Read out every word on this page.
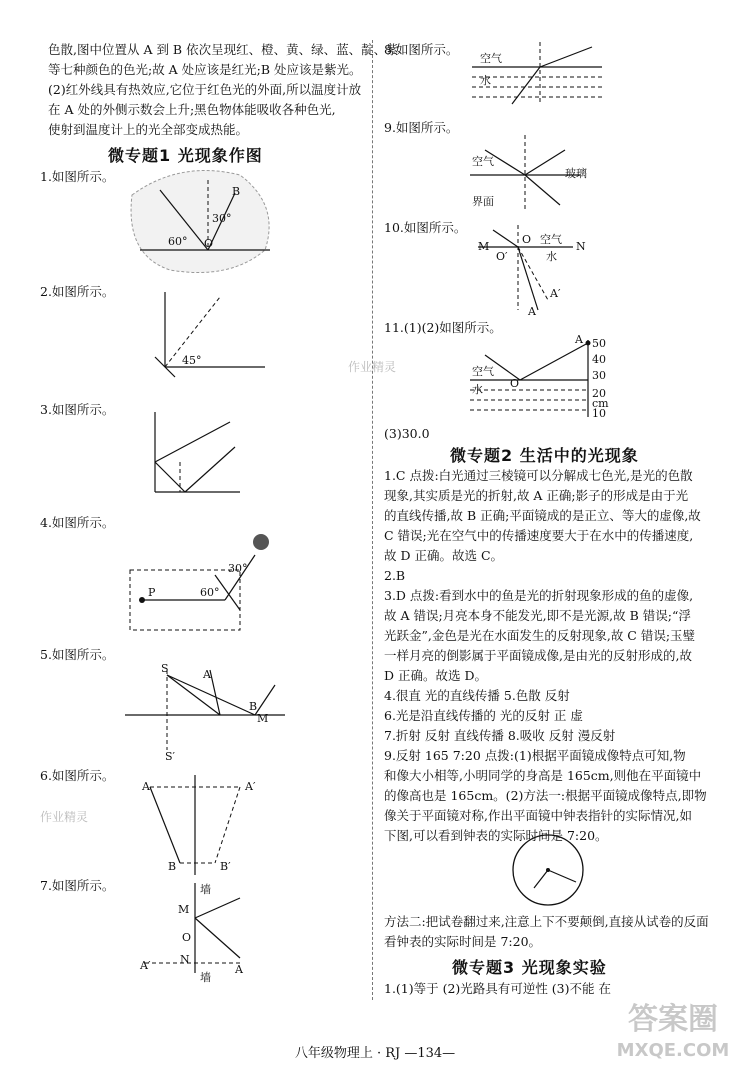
色散,图中位置从 A 到 B 依次呈现红、橙、黄、绿、蓝、靛、紫
等七种颜色的色光;故 A 处应该是红光;B 处应该是紫光。
(2)红外线具有热效应,它位于红色光的外面,所以温度计放
在 A 处的外侧示数会上升;黑色物体能吸收各种色光,
使射到温度计上的光全部变成热能。
微专题1 光现象作图
1.如图所示。
B
30°
60° O
2.如图所示。
45°
3.如图所示。
4.如图所示。
P
30°
60°
5.如图所示。
S	A
B
M
S′
6.如图所示。
A	A′
B	B′
7.如图所示。	墙
M
O
N
A′	A
墙
作业精灵
作业精灵
8.如图所示。
空气
水
9.如图所示。
空气
玻璃
界面
10.如图所示。
M	N
O
O′
空气
水
A′
A
11.(1)(2)如图所示。
A
O
空气
水
50
40
30
20
cm
10
(3)30.0
微专题2 生活中的光现象
1.C 点拨:白光通过三棱镜可以分解成七色光,是光的色散
现象,其实质是光的折射,故 A 正确;影子的形成是由于光
的直线传播,故 B 正确;平面镜成的是正立、等大的虚像,故
C 错误;光在空气中的传播速度要大于在水中的传播速度,
故 D 正确。故选 C。
2.B
3.D 点拨:看到水中的鱼是光的折射现象形成的鱼的虚像,
故 A 错误;月亮本身不能发光,即不是光源,故 B 错误;“浮
光跃金”,金色是光在水面发生的反射现象,故 C 错误;玉璧
一样月亮的倒影属于平面镜成像,是由光的反射形成的,故
D 正确。故选 D。
4.很直 光的直线传播 5.色散 反射
6.光是沿直线传播的 光的反射 正 虚
7.折射 反射 直线传播 8.吸收 反射 漫反射
9.反射 165 7:20 点拨:(1)根据平面镜成像特点可知,物
和像大小相等,小明同学的身高是 165cm,则他在平面镜中
的像高也是 165cm。(2)方法一:根据平面镜成像特点,即物
像关于平面镜对称,作出平面镜中钟表指针的实际情况,如
下图,可以看到钟表的实际时间是 7:20。
方法二:把试卷翻过来,注意上下不要颠倒,直接从试卷的反面
看钟表的实际时间是 7:20。
微专题3 光现象实验
1.(1)等于 (2)光路具有可逆性 (3)不能 在
八年级物理上 · RJ —134—
答案圈
MXQE.COM
